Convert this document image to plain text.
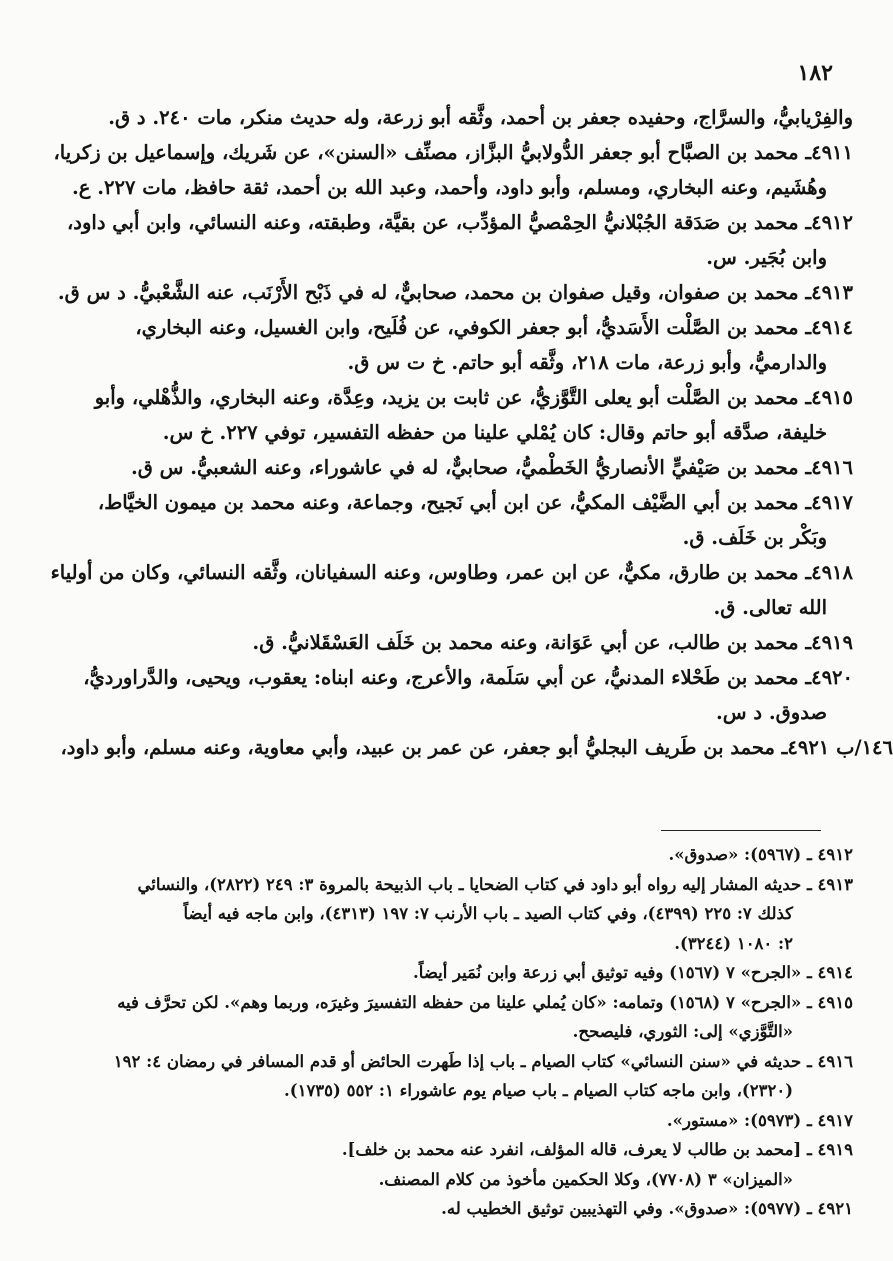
١٨٢

والفِرْيابيُّ، والسرَّاج، وحفيده جعفر بن أحمد، وثَّقه أبو زرعة، وله حديث منكر، مات ٢٤٠. د ق.

٤٩١١ـ محمد بن الصبَّاح أبو جعفر الدُّولابيُّ البزَّاز، مصنِّف «السنن»، عن شَريك، وإسماعيل بن زكريا،
وهُشَيم، وعنه البخاري، ومسلم، وأبو داود، وأحمد، وعبد الله بن أحمد، ثقة حافظ، مات ٢٢٧. ع.

٤٩١٢ـ محمد بن صَدَقة الجُبْلانيُّ الحِمْصيُّ المؤدِّب، عن بقيَّة، وطبقته، وعنه النسائي، وابن أبي داود،
وابن بُجَير. س.

٤٩١٣ـ محمد بن صفوان، وقيل صفوان بن محمد، صحابيٌّ، له في ذَبْح الأَرْنَب، عنه الشَّعْبيُّ. د س ق.

٤٩١٤ـ محمد بن الصَّلْت الأَسَديُّ، أبو جعفر الكوفي، عن فُلَيح، وابن الغسيل، وعنه البخاري،
والدارميُّ، وأبو زرعة، مات ٢١٨، وثَّقه أبو حاتم. خ ت س ق.

٤٩١٥ـ محمد بن الصَّلْت أبو يعلى التَّوَّزيُّ، عن ثابت بن يزيد، وعِدَّة، وعنه البخاري، والذُّهْلي، وأبو
خليفة، صدَّقه أبو حاتم وقال: كان يُمْلي علينا من حفظه التفسير، توفي ٢٢٧. خ س.

٤٩١٦ـ محمد بن صَيْفيٍّ الأنصاريُّ الخَطْميُّ، صحابيٌّ، له في عاشوراء، وعنه الشعبيُّ. س ق.

٤٩١٧ـ محمد بن أبي الضَّيْف المكيُّ، عن ابن أبي نَجيح، وجماعة، وعنه محمد بن ميمون الخيَّاط،
وبَكْر بن خَلَف. ق.

٤٩١٨ـ محمد بن طارق، مكيٌّ، عن ابن عمر، وطاوس، وعنه السفيانان، وثَّقه النسائي، وكان من أولياء
الله تعالى. ق.

٤٩١٩ـ محمد بن طالب، عن أبي عَوَانة، وعنه محمد بن خَلَف العَسْقَلانيُّ. ق.

٤٩٢٠ـ محمد بن طَحْلاء المدنيُّ، عن أبي سَلَمة، والأعرج، وعنه ابناه: يعقوب، ويحيى، والدَّراورديُّ،
صدوق. د س.

١٤٦/ب ٤٩٢١ـ محمد بن طَريف البجليُّ أبو جعفر، عن عمر بن عبيد، وأبي معاوية، وعنه مسلم، وأبو داود،

٤٩١٢ ـ (٥٩٦٧): «صدوق».

٤٩١٣ ـ حديثه المشار إليه رواه أبو داود في كتاب الضحايا ـ باب الذبيحة بالمروة ٣: ٢٤٩ (٢٨٢٢)، والنسائي
كذلك ٧: ٢٢٥ (٤٣٩٩)، وفي كتاب الصيد ـ باب الأرنب ٧: ١٩٧ (٤٣١٣)، وابن ماجه فيه أيضاً
٢: ١٠٨٠ (٣٢٤٤).

٤٩١٤ ـ «الجرح» ٧ (١٥٦٧) وفيه توثيق أبي زرعة وابن نُمَير أيضاً.

٤٩١٥ ـ «الجرح» ٧ (١٥٦٨) وتمامه: «كان يُملي علينا من حفظه التفسيرَ وغيرَه، وربما وهم». لكن تحرَّف فيه
«التَّوَّزي» إلى: الثوري، فليصحح.

٤٩١٦ ـ حديثه في «سنن النسائي» كتاب الصيام ـ باب إذا طَهرت الحائض أو قدم المسافر في رمضان ٤: ١٩٢
(٢٣٢٠)، وابن ماجه كتاب الصيام ـ باب صيام يوم عاشوراء ١: ٥٥٢ (١٧٣٥).

٤٩١٧ ـ (٥٩٧٣): «مستور».

٤٩١٩ ـ [محمد بن طالب لا يعرف، قاله المؤلف، انفرد عنه محمد بن خلف].

«الميزان» ٣ (٧٧٠٨)، وكلا الحكمين مأخوذ من كلام المصنف.

٤٩٢١ ـ (٥٩٧٧): «صدوق». وفي التهذيبين توثيق الخطيب له.
